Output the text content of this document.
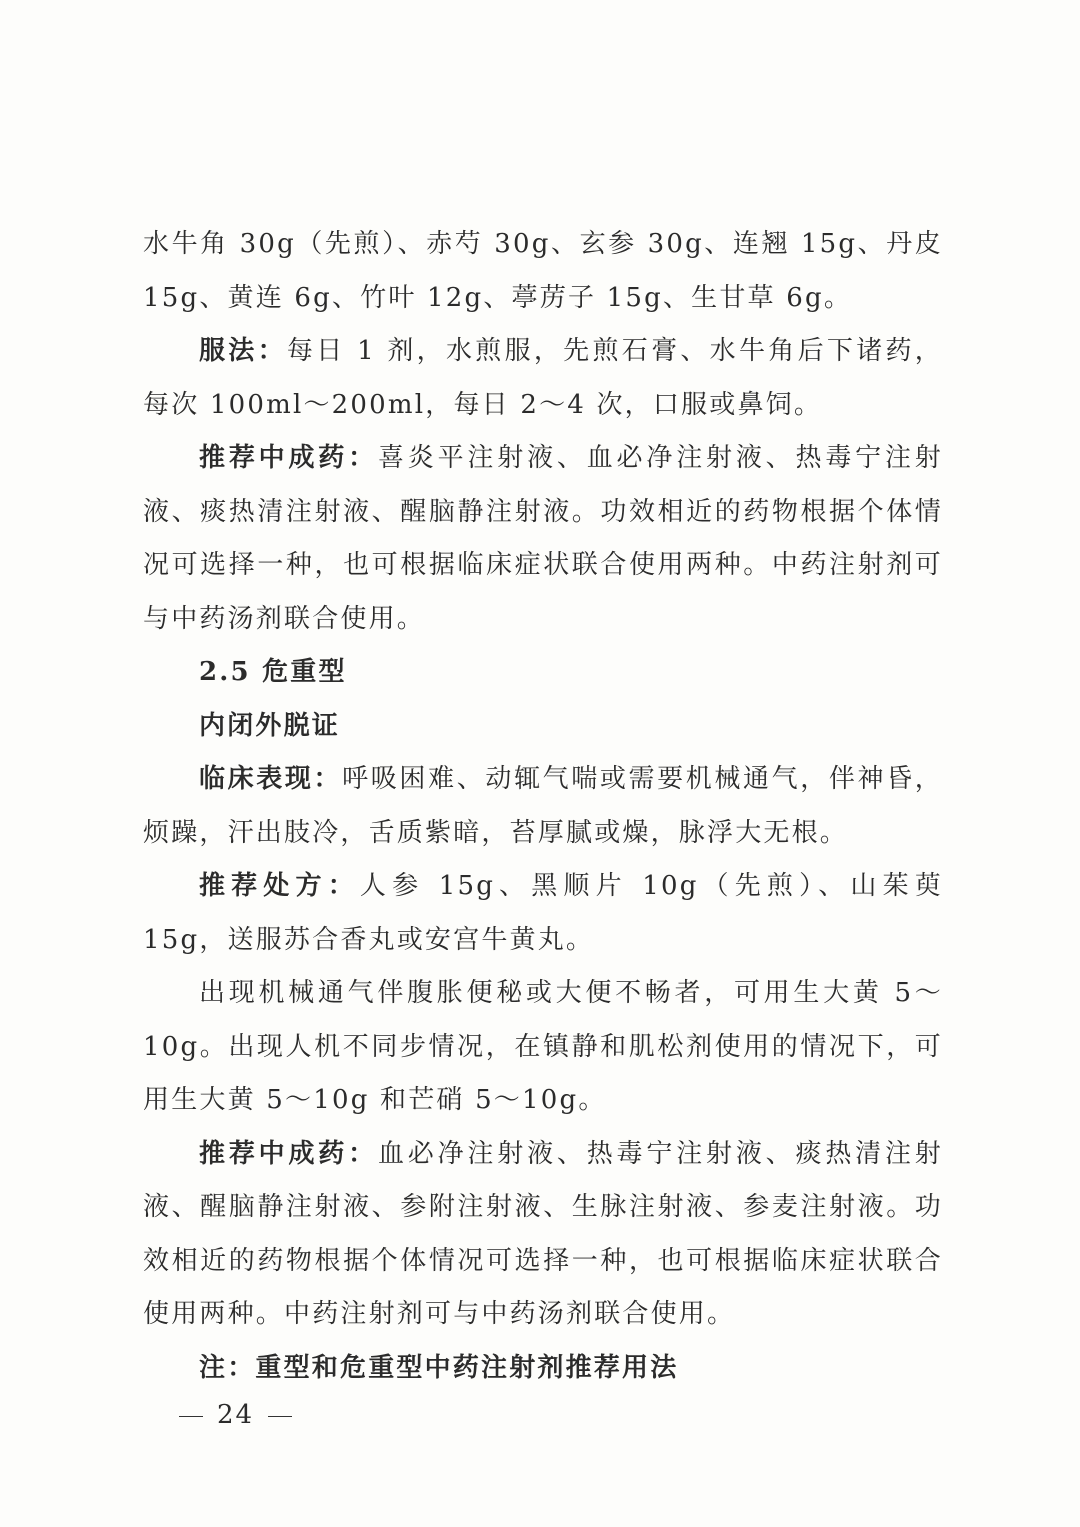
水牛角 30g（先煎）、赤芍 30g、玄参 30g、连翘 15g、丹皮 15g、黄连 6g、竹叶 12g、葶苈子 15g、生甘草 6g。

服法：每日 1 剂，水煎服，先煎石膏、水牛角后下诸药，每次 100ml～200ml，每日 2～4 次，口服或鼻饲。

推荐中成药：喜炎平注射液、血必净注射液、热毒宁注射液、痰热清注射液、醒脑静注射液。功效相近的药物根据个体情况可选择一种，也可根据临床症状联合使用两种。中药注射剂可与中药汤剂联合使用。

2.5 危重型

内闭外脱证

临床表现：呼吸困难、动辄气喘或需要机械通气，伴神昏，烦躁，汗出肢冷，舌质紫暗，苔厚腻或燥，脉浮大无根。

推荐处方：人参 15g、黑顺片 10g（先煎）、山茱萸 15g，送服苏合香丸或安宫牛黄丸。

出现机械通气伴腹胀便秘或大便不畅者，可用生大黄 5～10g。出现人机不同步情况，在镇静和肌松剂使用的情况下，可用生大黄 5～10g 和芒硝 5～10g。

推荐中成药：血必净注射液、热毒宁注射液、痰热清注射液、醒脑静注射液、参附注射液、生脉注射液、参麦注射液。功效相近的药物根据个体情况可选择一种，也可根据临床症状联合使用两种。中药注射剂可与中药汤剂联合使用。

注：重型和危重型中药注射剂推荐用法

24
